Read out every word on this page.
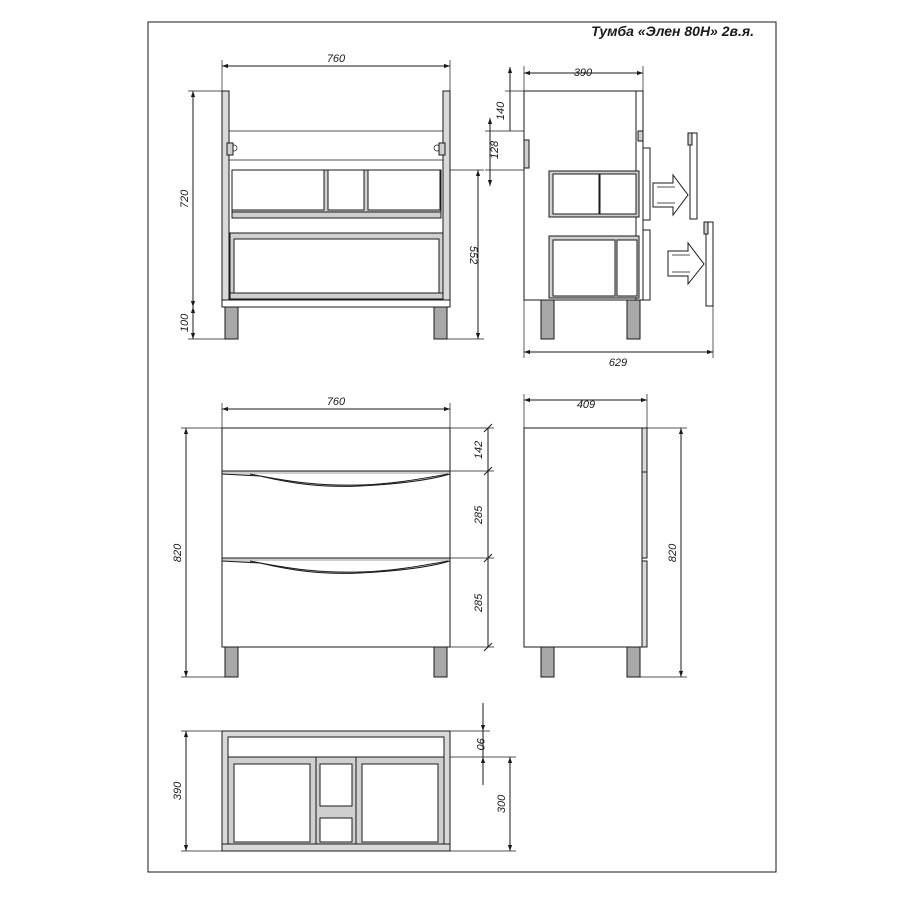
Тумба «Элен 80Н» 2в.я.
760
720
100
552
390
140
128
629
760
820
142
285
285
409
820
390
90
300
